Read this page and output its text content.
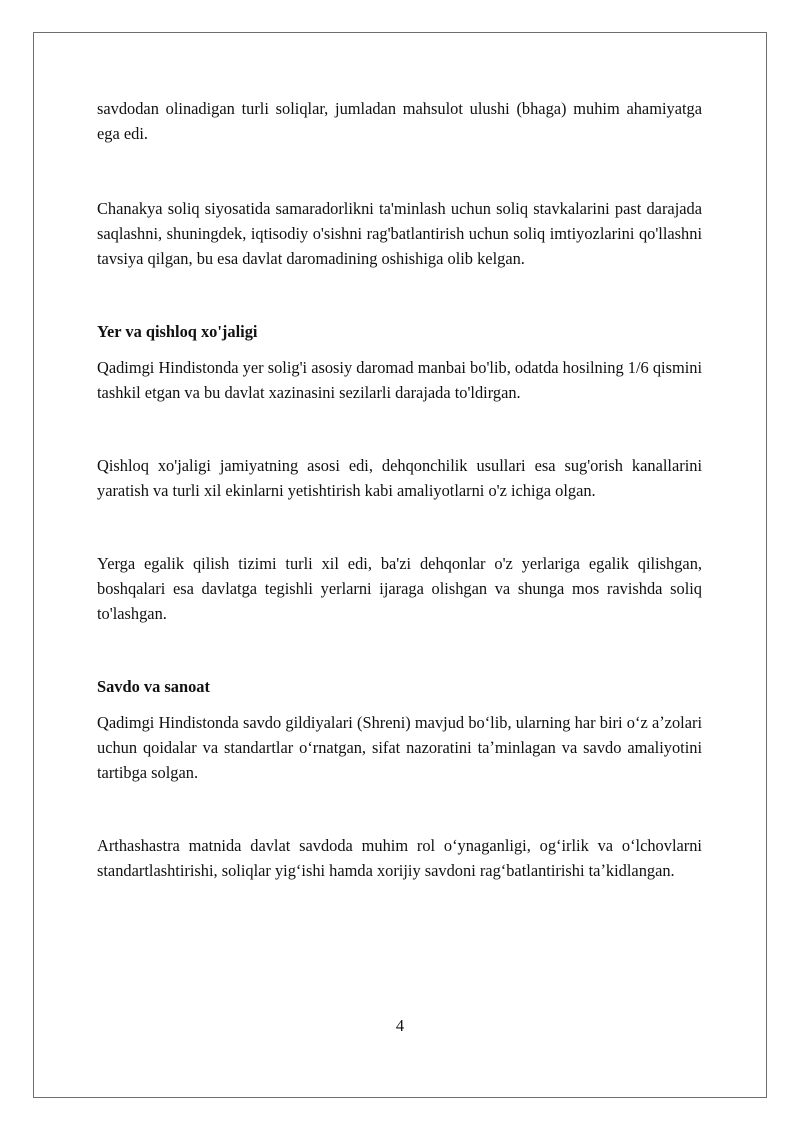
savdodan olinadigan turli soliqlar, jumladan mahsulot ulushi (bhaga) muhim ahamiyatga ega edi.

Chanakya soliq siyosatida samaradorlikni ta'minlash uchun soliq stavkalarini past darajada saqlashni, shuningdek, iqtisodiy o'sishni rag'batlantirish uchun soliq imtiyozlarini qo'llashni tavsiya qilgan, bu esa davlat daromadining oshishiga olib kelgan.

Yer va qishloq xo'jaligi

Qadimgi Hindistonda yer solig'i asosiy daromad manbai bo'lib, odatda hosilning 1/6 qismini tashkil etgan va bu davlat xazinasini sezilarli darajada to'ldirgan.

Qishloq xo'jaligi jamiyatning asosi edi, dehqonchilik usullari esa sug'orish kanallarini yaratish va turli xil ekinlarni yetishtirish kabi amaliyotlarni o'z ichiga olgan.

Yerga egalik qilish tizimi turli xil edi, ba'zi dehqonlar o'z yerlariga egalik qilishgan, boshqalari esa davlatga tegishli yerlarni ijaraga olishgan va shunga mos ravishda soliq to'lashgan.

Savdo va sanoat

Qadimgi Hindistonda savdo gildiyalari (Shreni) mavjud boʻlib, ularning har biri oʻz aʼzolari uchun qoidalar va standartlar oʻrnatgan, sifat nazoratini taʼminlagan va savdo amaliyotini tartibga solgan.

Arthashastra matnida davlat savdoda muhim rol oʻynaganligi, ogʻirlik va oʻlchovlarni standartlashtirishi, soliqlar yigʻishi hamda xorijiy savdoni ragʻbatlantirishi taʼkidlangan.

4
